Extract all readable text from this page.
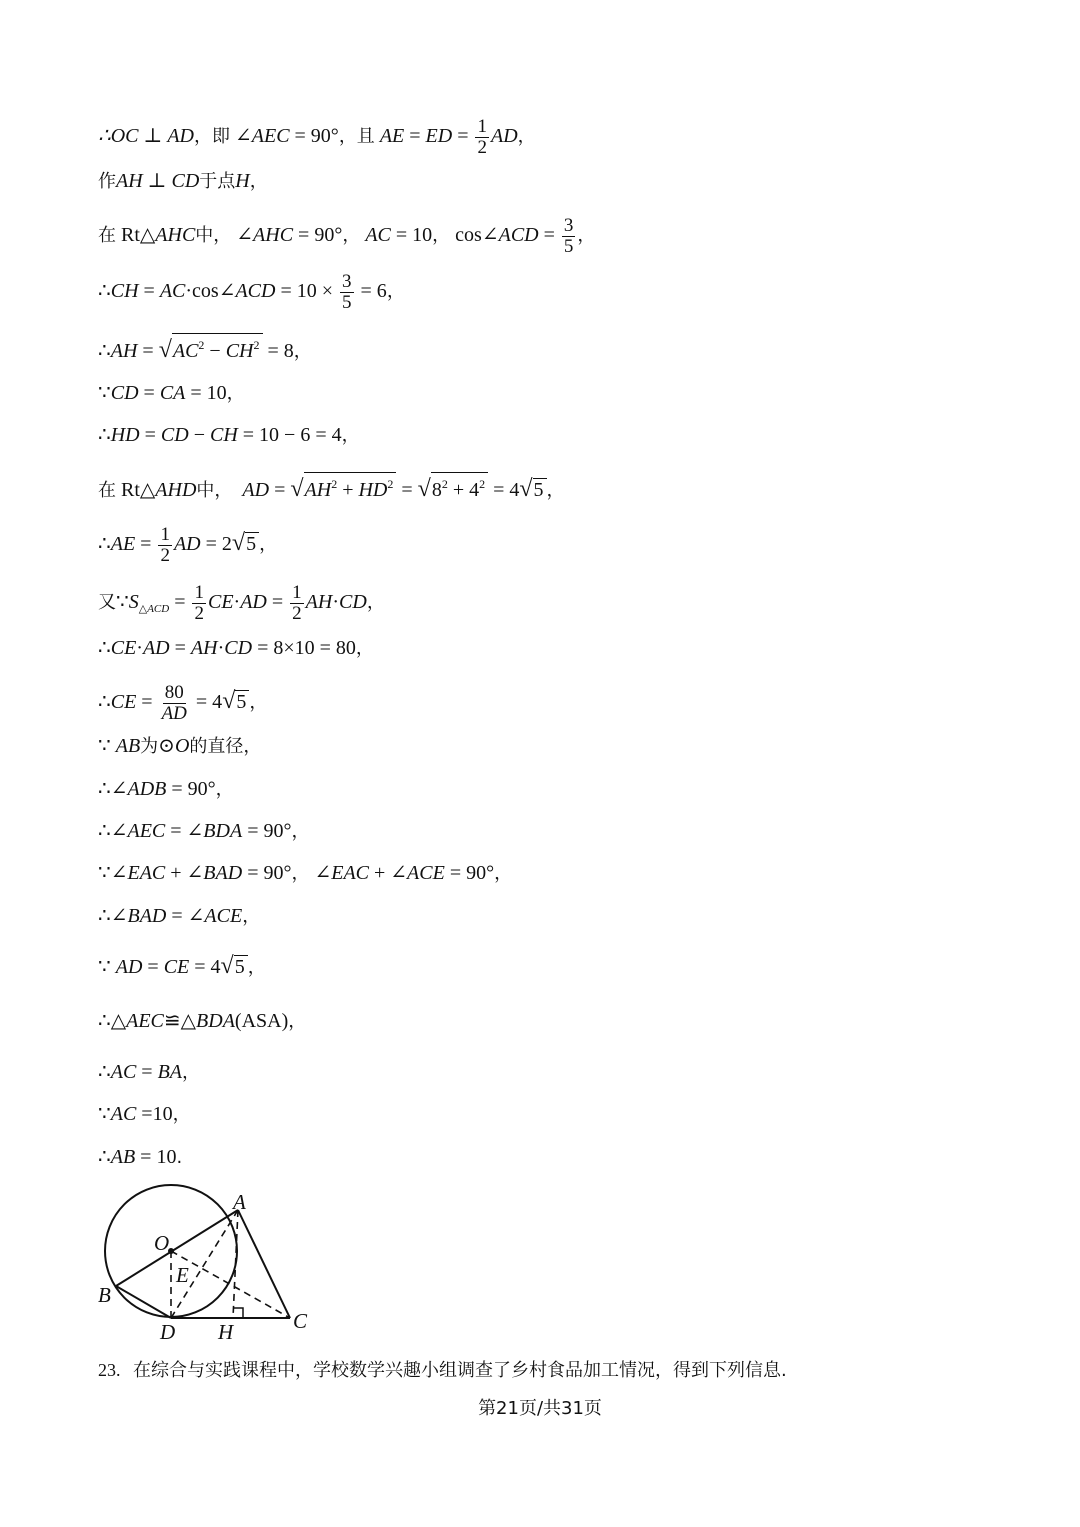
∴OC ⊥ AD，即 ∠AEC = 90°，且 AE = ED = $\frac{1}{2}$ AD，
作AH ⊥ CD于点H，
在 Rt△AHC中， ∠AHC = 90°， AC = 10， cos∠ACD = $\frac{3}{5}$ ，
∴CH = AC·cos∠ACD = $10 \times \frac{3}{5} = 6$，
∴AH = $√AC^2 - CH^2 = 8$，
∵CD = CA = 10，
∴HD = CD − CH = 10 − 6 = 4，
在 Rt△AHD中， AD = $√AH^2 + HD^2 = √8^2 + 4^2 = 4√5$ ，
∴AE = $\frac{1}{2}$ AD = 2√5 ，
又$\because S_{\triangle ACD} = \frac{1}{2} CE\cdot AD = \frac{1}{2} AH\cdot CD$，
∴CE·AD = AH·CD = 8×10 = 80，
∴CE = $\frac{80}{AD} = 4√5$ ，
∵ AB为⊙O的直径，
∴∠ADB = 90°，
∴∠AEC = ∠BDA = 90°，
∵∠EAC + ∠BAD = 90°， ∠EAC + ∠ACE = 90°，
∴∠BAD = ∠ACE，
∵ AD = CE = 4√5 ，
∴△AEC≌△BDA(ASA)，
∴AC = BA，
∵AC =10，
∴AB = 10.
A
O
E
B
D H	C
23. 在综合与实践课程中，学校数学兴趣小组调查了乡村食品加工情况，得到下列信息.
第21页/共31页
